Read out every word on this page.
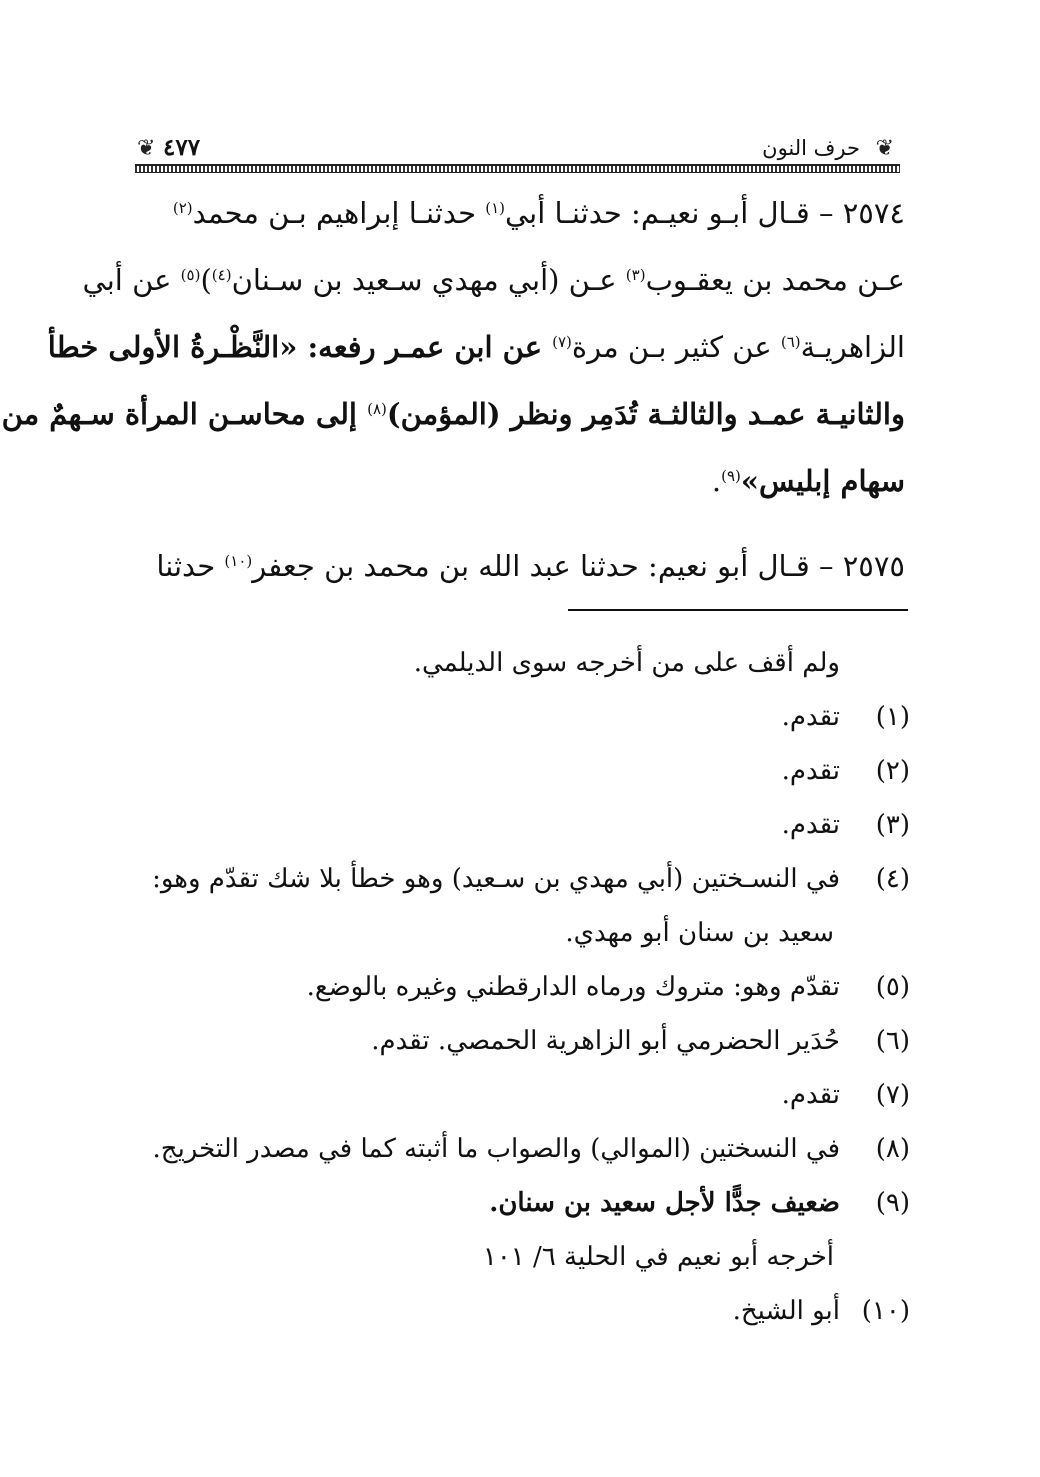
❦
حرف النون
٤٧٧
❦
٢٥٧٤ – قـال أبـو نعيـم: حدثنـا أبي$^{(١)}$ حدثنـا إبراهيم بـن محمد$^{(٢)}$
عـن محمد بن يعقـوب$^{(٣)}$ عـن (أبي مهدي سـعيد بن سـنان$^{(٤)}$)$^{(٥)}$ عن أبي
الزاهريـة$^{(٦)}$ عن كثير بـن مرة$^{(٧)}$ عن ابن عمـر رفعه: «النَّظْـرةُ الأولى خطأ
والثانيـة عمـد والثالثـة تُدَمِر ونظر (المؤمن)$^{(٨)}$ إلى محاسـن المرأة سـهمٌ من
سهام إبليس»$^{(٩)}$.
٢٥٧٥ – قـال أبو نعيم: حدثنا عبد الله بن محمد بن جعفر$^{(١٠)}$ حدثنا
ولم أقف على من أخرجه سوى الديلمي.
(١)تقدم.
(٢)تقدم.
(٣)تقدم.
(٤)في النسـختين (أبي مهدي بن سـعيد) وهو خطأ بلا شك تقدّم وهو:
سعيد بن سنان أبو مهدي.
(٥)تقدّم وهو: متروك ورماه الدارقطني وغيره بالوضع.
(٦)حُدَير الحضرمي أبو الزاهرية الحمصي. تقدم.
(٧)تقدم.
(٨)في النسختين (الموالي) والصواب ما أثبته كما في مصدر التخريج.
(٩)ضعيف جدًّا لأجل سعيد بن سنان.
أخرجه أبو نعيم في الحلية ٦/ ١٠١
(١٠)أبو الشيخ.
